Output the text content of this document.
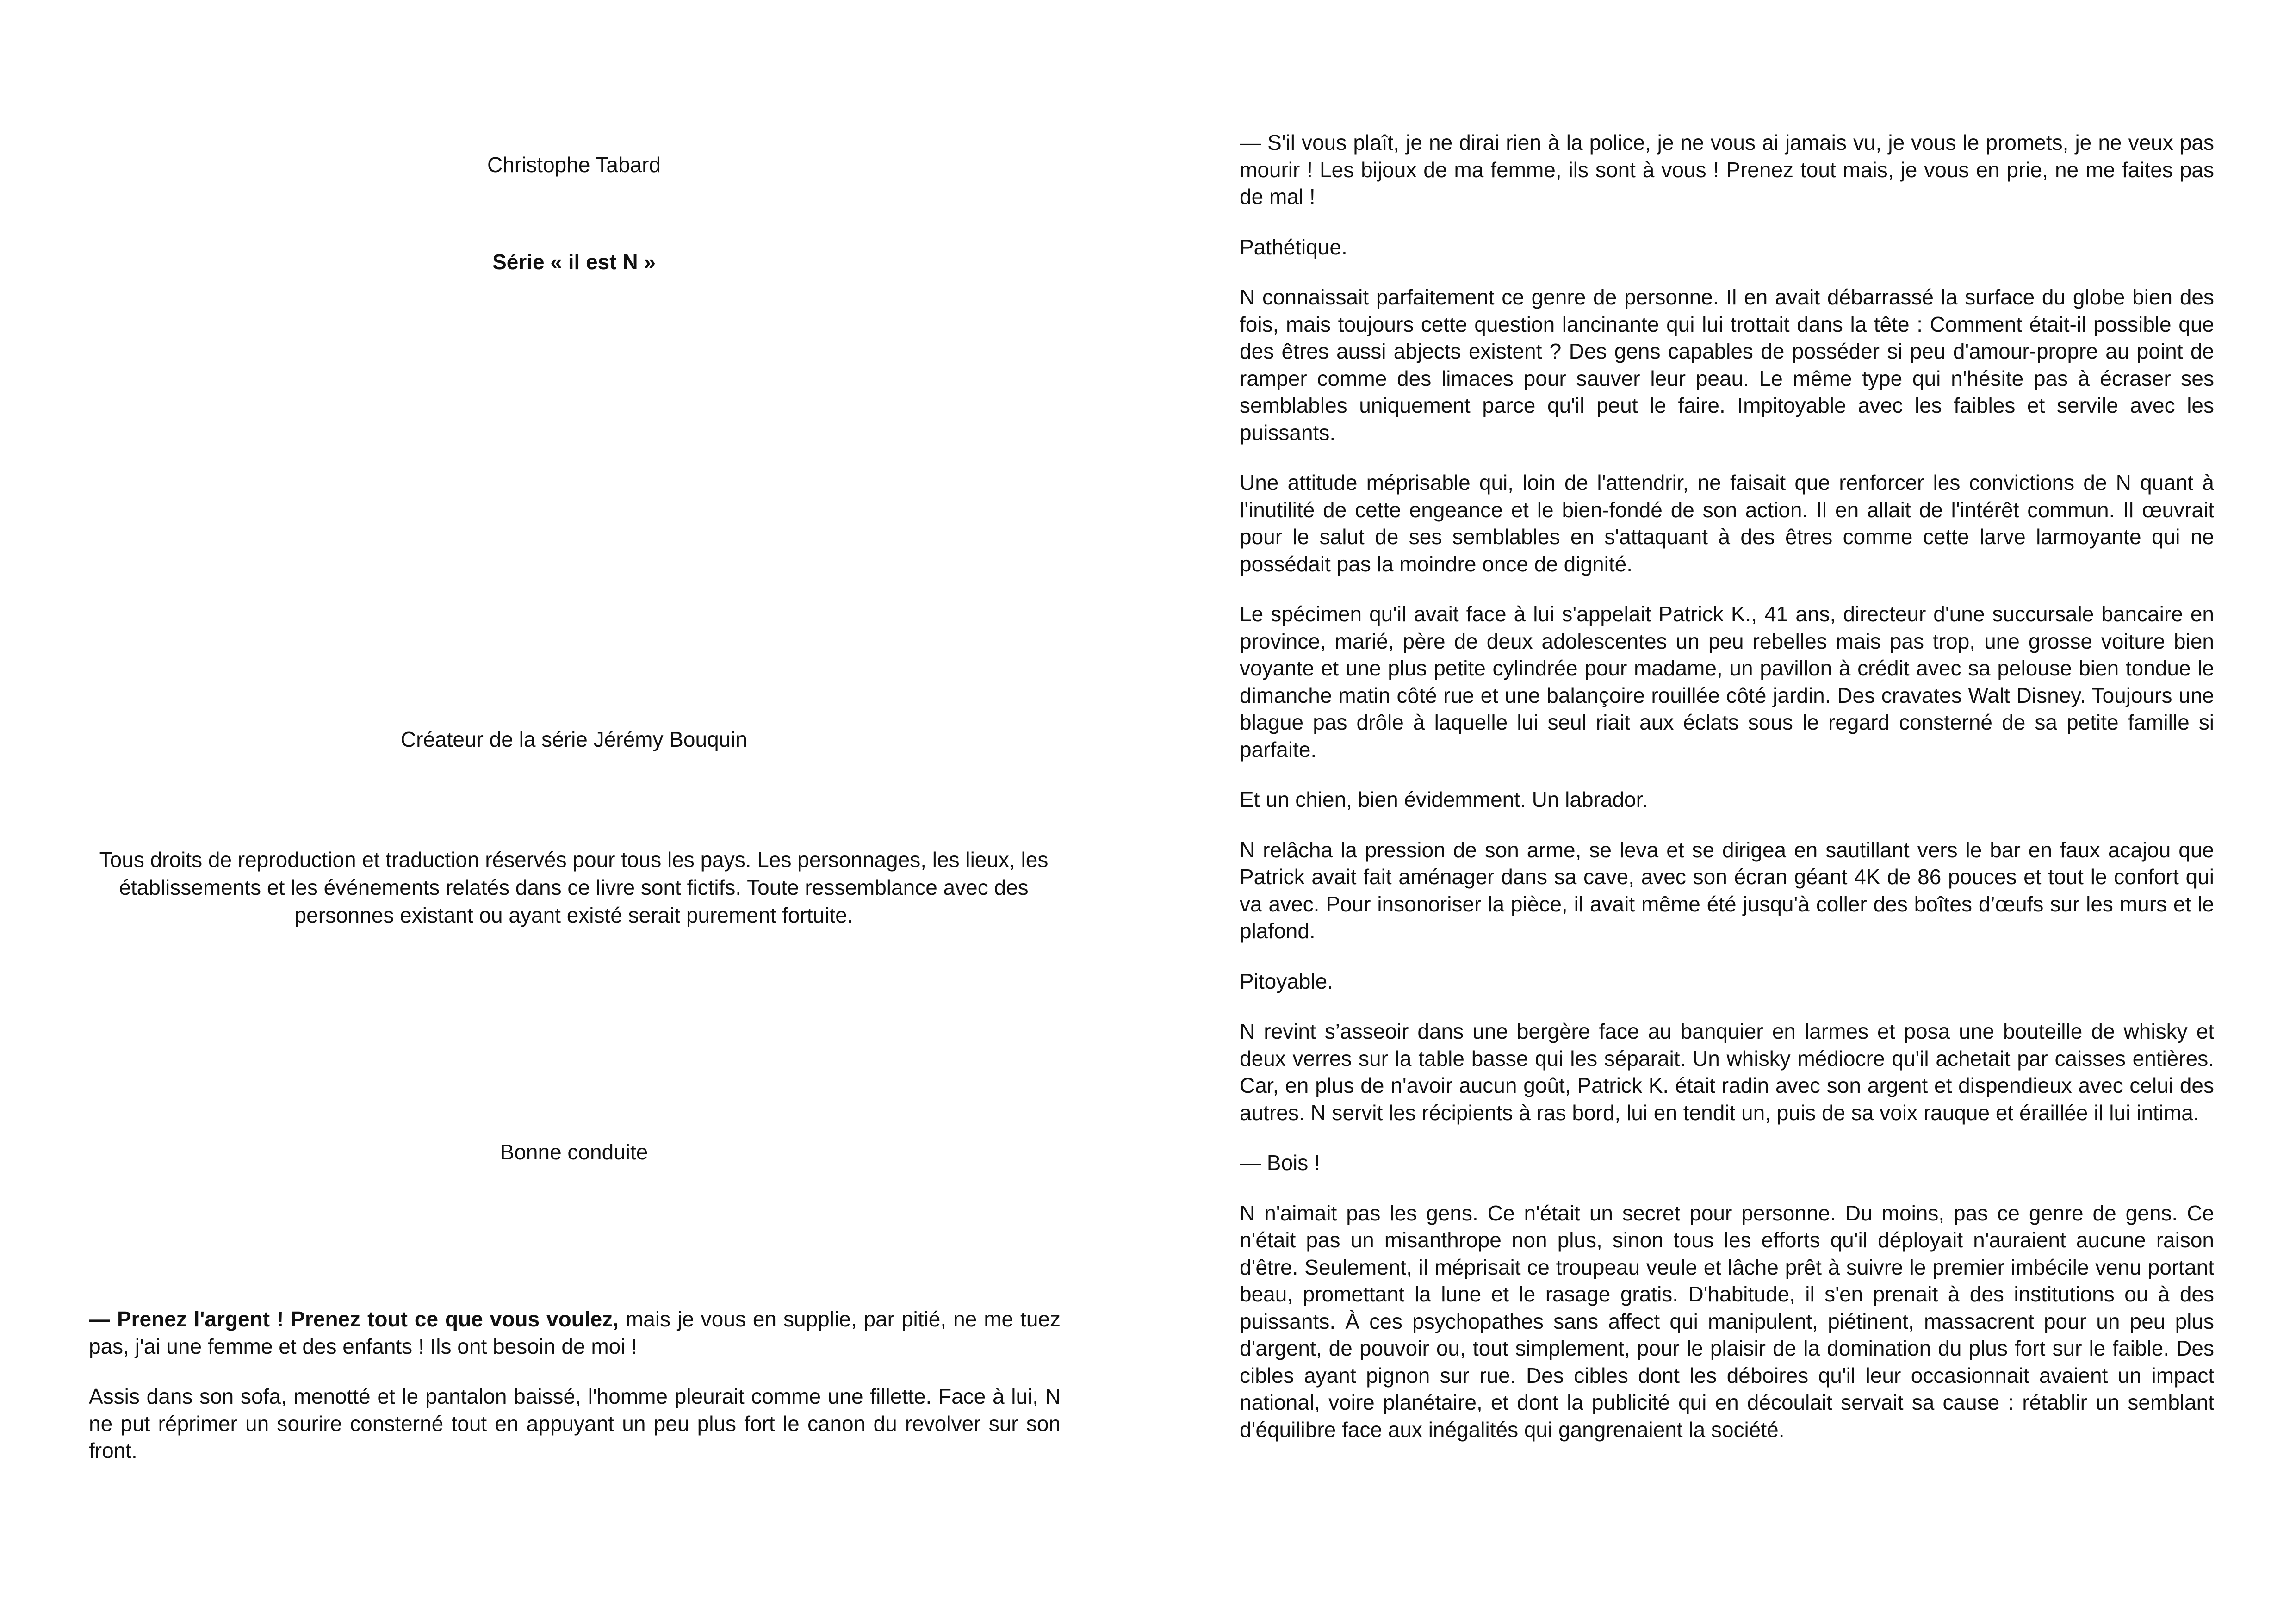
Christophe Tabard
Série « il est N »
Créateur de la série Jérémy Bouquin
Tous droits de reproduction et traduction réservés pour tous les pays. Les personnages, les lieux, les établissements et les événements relatés dans ce livre sont fictifs. Toute ressemblance avec des personnes existant ou ayant existé serait purement fortuite.
Bonne conduite

— Prenez l'argent ! Prenez tout ce que vous voulez, mais je vous en supplie, par pitié, ne me tuez pas, j'ai une femme et des enfants ! Ils ont besoin de moi !

Assis dans son sofa, menotté et le pantalon baissé, l'homme pleurait comme une fillette. Face à lui, N ne put réprimer un sourire consterné tout en appuyant un peu plus fort le canon du revolver sur son front.

— S'il vous plaît, je ne dirai rien à la police, je ne vous ai jamais vu, je vous le promets, je ne veux pas mourir ! Les bijoux de ma femme, ils sont à vous ! Prenez tout mais, je vous en prie, ne me faites pas de mal !

Pathétique.

N connaissait parfaitement ce genre de personne. Il en avait débarrassé la surface du globe bien des fois, mais toujours cette question lancinante qui lui trottait dans la tête : Comment était-il possible que des êtres aussi abjects existent ? Des gens capables de posséder si peu d'amour-propre au point de ramper comme des limaces pour sauver leur peau. Le même type qui n'hésite pas à écraser ses semblables uniquement parce qu'il peut le faire. Impitoyable avec les faibles et servile avec les puissants.

Une attitude méprisable qui, loin de l'attendrir, ne faisait que renforcer les convictions de N quant à l'inutilité de cette engeance et le bien-fondé de son action. Il en allait de l'intérêt commun. Il œuvrait pour le salut de ses semblables en s'attaquant à des êtres comme cette larve larmoyante qui ne possédait pas la moindre once de dignité.

Le spécimen qu'il avait face à lui s'appelait Patrick K., 41 ans, directeur d'une succursale bancaire en province, marié, père de deux adolescentes un peu rebelles mais pas trop, une grosse voiture bien voyante et une plus petite cylindrée pour madame, un pavillon à crédit avec sa pelouse bien tondue le dimanche matin côté rue et une balançoire rouillée côté jardin. Des cravates Walt Disney. Toujours une blague pas drôle à laquelle lui seul riait aux éclats sous le regard consterné de sa petite famille si parfaite.

Et un chien, bien évidemment. Un labrador.

N relâcha la pression de son arme, se leva et se dirigea en sautillant vers le bar en faux acajou que Patrick avait fait aménager dans sa cave, avec son écran géant 4K de 86 pouces et tout le confort qui va avec. Pour insonoriser la pièce, il avait même été jusqu'à coller des boîtes d’œufs sur les murs et le plafond.

Pitoyable.

N revint s’asseoir dans une bergère face au banquier en larmes et posa une bouteille de whisky et deux verres sur la table basse qui les séparait. Un whisky médiocre qu'il achetait par caisses entières. Car, en plus de n'avoir aucun goût, Patrick K. était radin avec son argent et dispendieux avec celui des autres. N servit les récipients à ras bord, lui en tendit un, puis de sa voix rauque et éraillée il lui intima.

— Bois !

N n'aimait pas les gens. Ce n'était un secret pour personne. Du moins, pas ce genre de gens. Ce n'était pas un misanthrope non plus, sinon tous les efforts qu'il déployait n'auraient aucune raison d'être. Seulement, il méprisait ce troupeau veule et lâche prêt à suivre le premier imbécile venu portant beau, promettant la lune et le rasage gratis. D'habitude, il s'en prenait à des institutions ou à des puissants. À ces psychopathes sans affect qui manipulent, piétinent, massacrent pour un peu plus d'argent, de pouvoir ou, tout simplement, pour le plaisir de la domination du plus fort sur le faible. Des cibles ayant pignon sur rue. Des cibles dont les déboires qu'il leur occasionnait avaient un impact national, voire planétaire, et dont la publicité qui en découlait servait sa cause : rétablir un semblant d'équilibre face aux inégalités qui gangrenaient la société.
